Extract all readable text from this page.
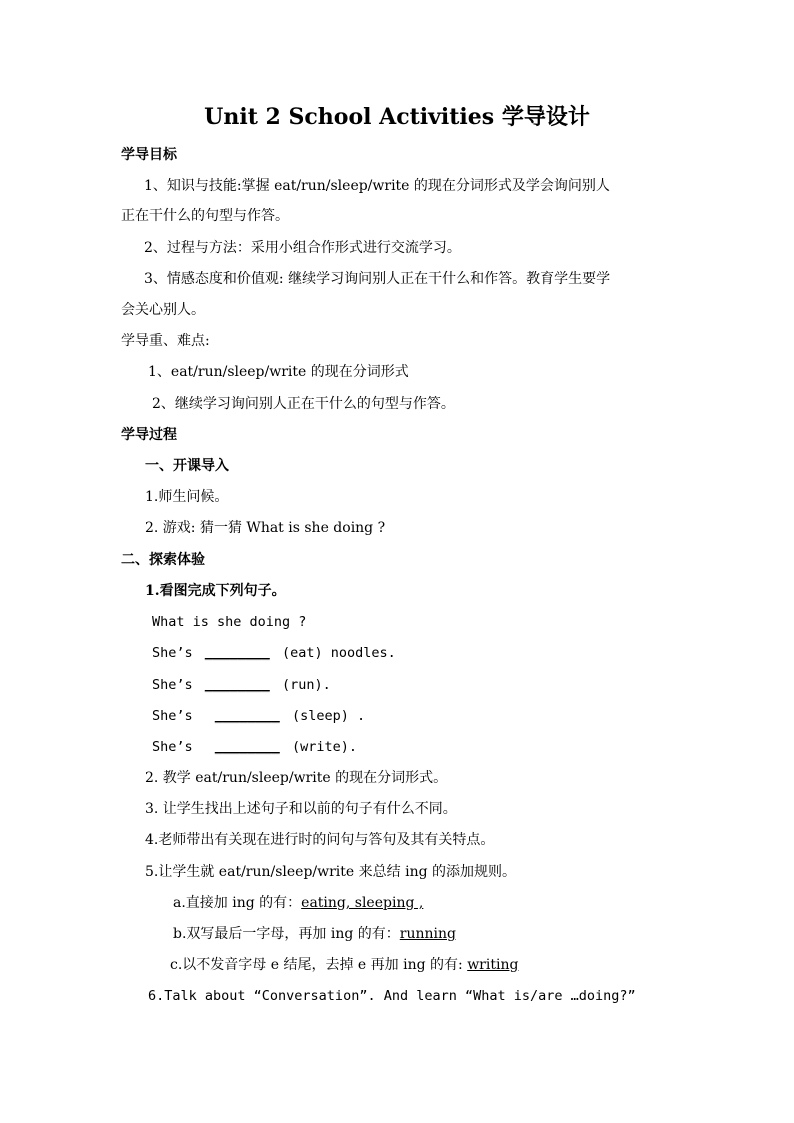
Unit 2 School Activities 学导设计
学导目标
1、知识与技能:掌握 eat/run/sleep/write 的现在分词形式及学会询问别人
正在干什么的句型与作答。
2、过程与方法：采用小组合作形式进行交流学习。
3、情感态度和价值观: 继续学习询问别人正在干什么和作答。教育学生要学
会关心别人。
学导重、难点:
1、eat/run/sleep/write 的现在分词形式
2、继续学习询问别人正在干什么的句型与作答。
学导过程
一、开课导入
1.师生问候。
2. 游戏: 猜一猜 What is she doing ?
二、探索体验
1.看图完成下列句子。
What is she doing ?
She’s ________ (eat) noodles.
She’s ________ (run).
She’s ________ (sleep) .
She’s ________ (write).
2. 教学 eat/run/sleep/write 的现在分词形式。
3. 让学生找出上述句子和以前的句子有什么不同。
4.老师带出有关现在进行时的问句与答句及其有关特点。
5.让学生就 eat/run/sleep/write 来总结 ing 的添加规则。
a.直接加 ing 的有：eating, sleeping ,
b.双写最后一字母，再加 ing 的有：running
c.以不发音字母 e 结尾，去掉 e 再加 ing 的有: writing
6.Talk about “Conversation”. And learn “What is/are …doing?”
